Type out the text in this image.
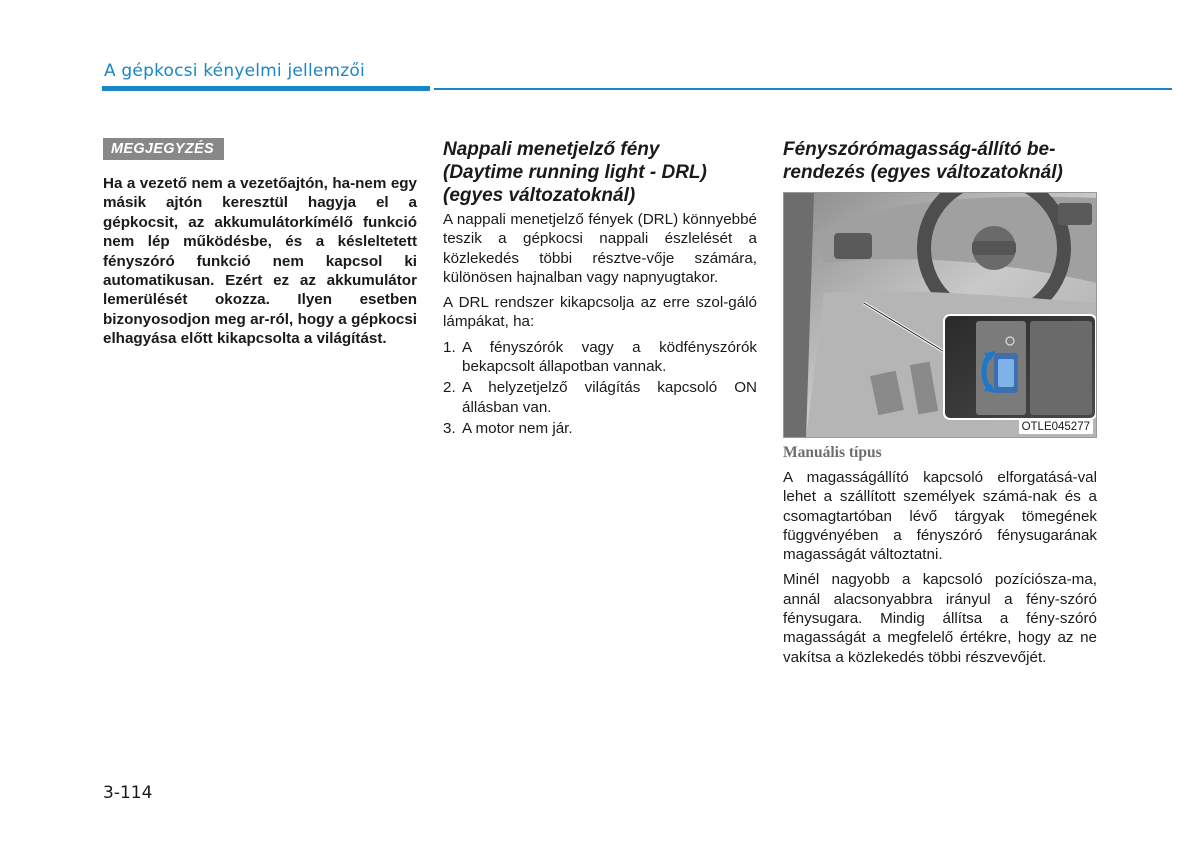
A gépkocsi kényelmi jellemzői
MEGJEGYZÉS

Ha a vezető nem a vezetőajtón, ha-nem egy másik ajtón keresztül hagyja el a gépkocsit, az akkumulátorkímélő funkció nem lép működésbe, és a késleltetett fényszóró funkció nem kapcsol ki automatikusan. Ezért ez az akkumulátor lemerülését okozza. Ilyen esetben bizonyosodjon meg ar-ról, hogy a gépkocsi elhagyása előtt kikapcsolta a világítást.

Nappali menetjelző fény
(Daytime running light - DRL)
(egyes változatoknál)

A nappali menetjelző fények (DRL) könnyebbé teszik a gépkocsi nappali észlelését a közlekedés többi résztve-vője számára, különösen hajnalban vagy napnyugtakor.

A DRL rendszer kikapcsolja az erre szol-gáló lámpákat, ha:

1. A fényszórók vagy a ködfényszórók bekapcsolt állapotban vannak.
2. A helyzetjelző világítás kapcsoló ON állásban van.
3. A motor nem jár.
Fényszórómagasság-állító be-
rendezés (egyes változatoknál)
OTLE045277
Manuális típus

A magasságállító kapcsoló elforgatásá-val lehet a szállított személyek számá-nak és a csomagtartóban lévő tárgyak tömegének függvényében a fényszóró fénysugarának magasságát változtatni.

Minél nagyobb a kapcsoló pozíciósza-ma, annál alacsonyabbra irányul a fény-szóró fénysugara. Mindig állítsa a fény-szóró magasságát a megfelelő értékre, hogy az ne vakítsa a közlekedés többi részvevőjét.

3-114
